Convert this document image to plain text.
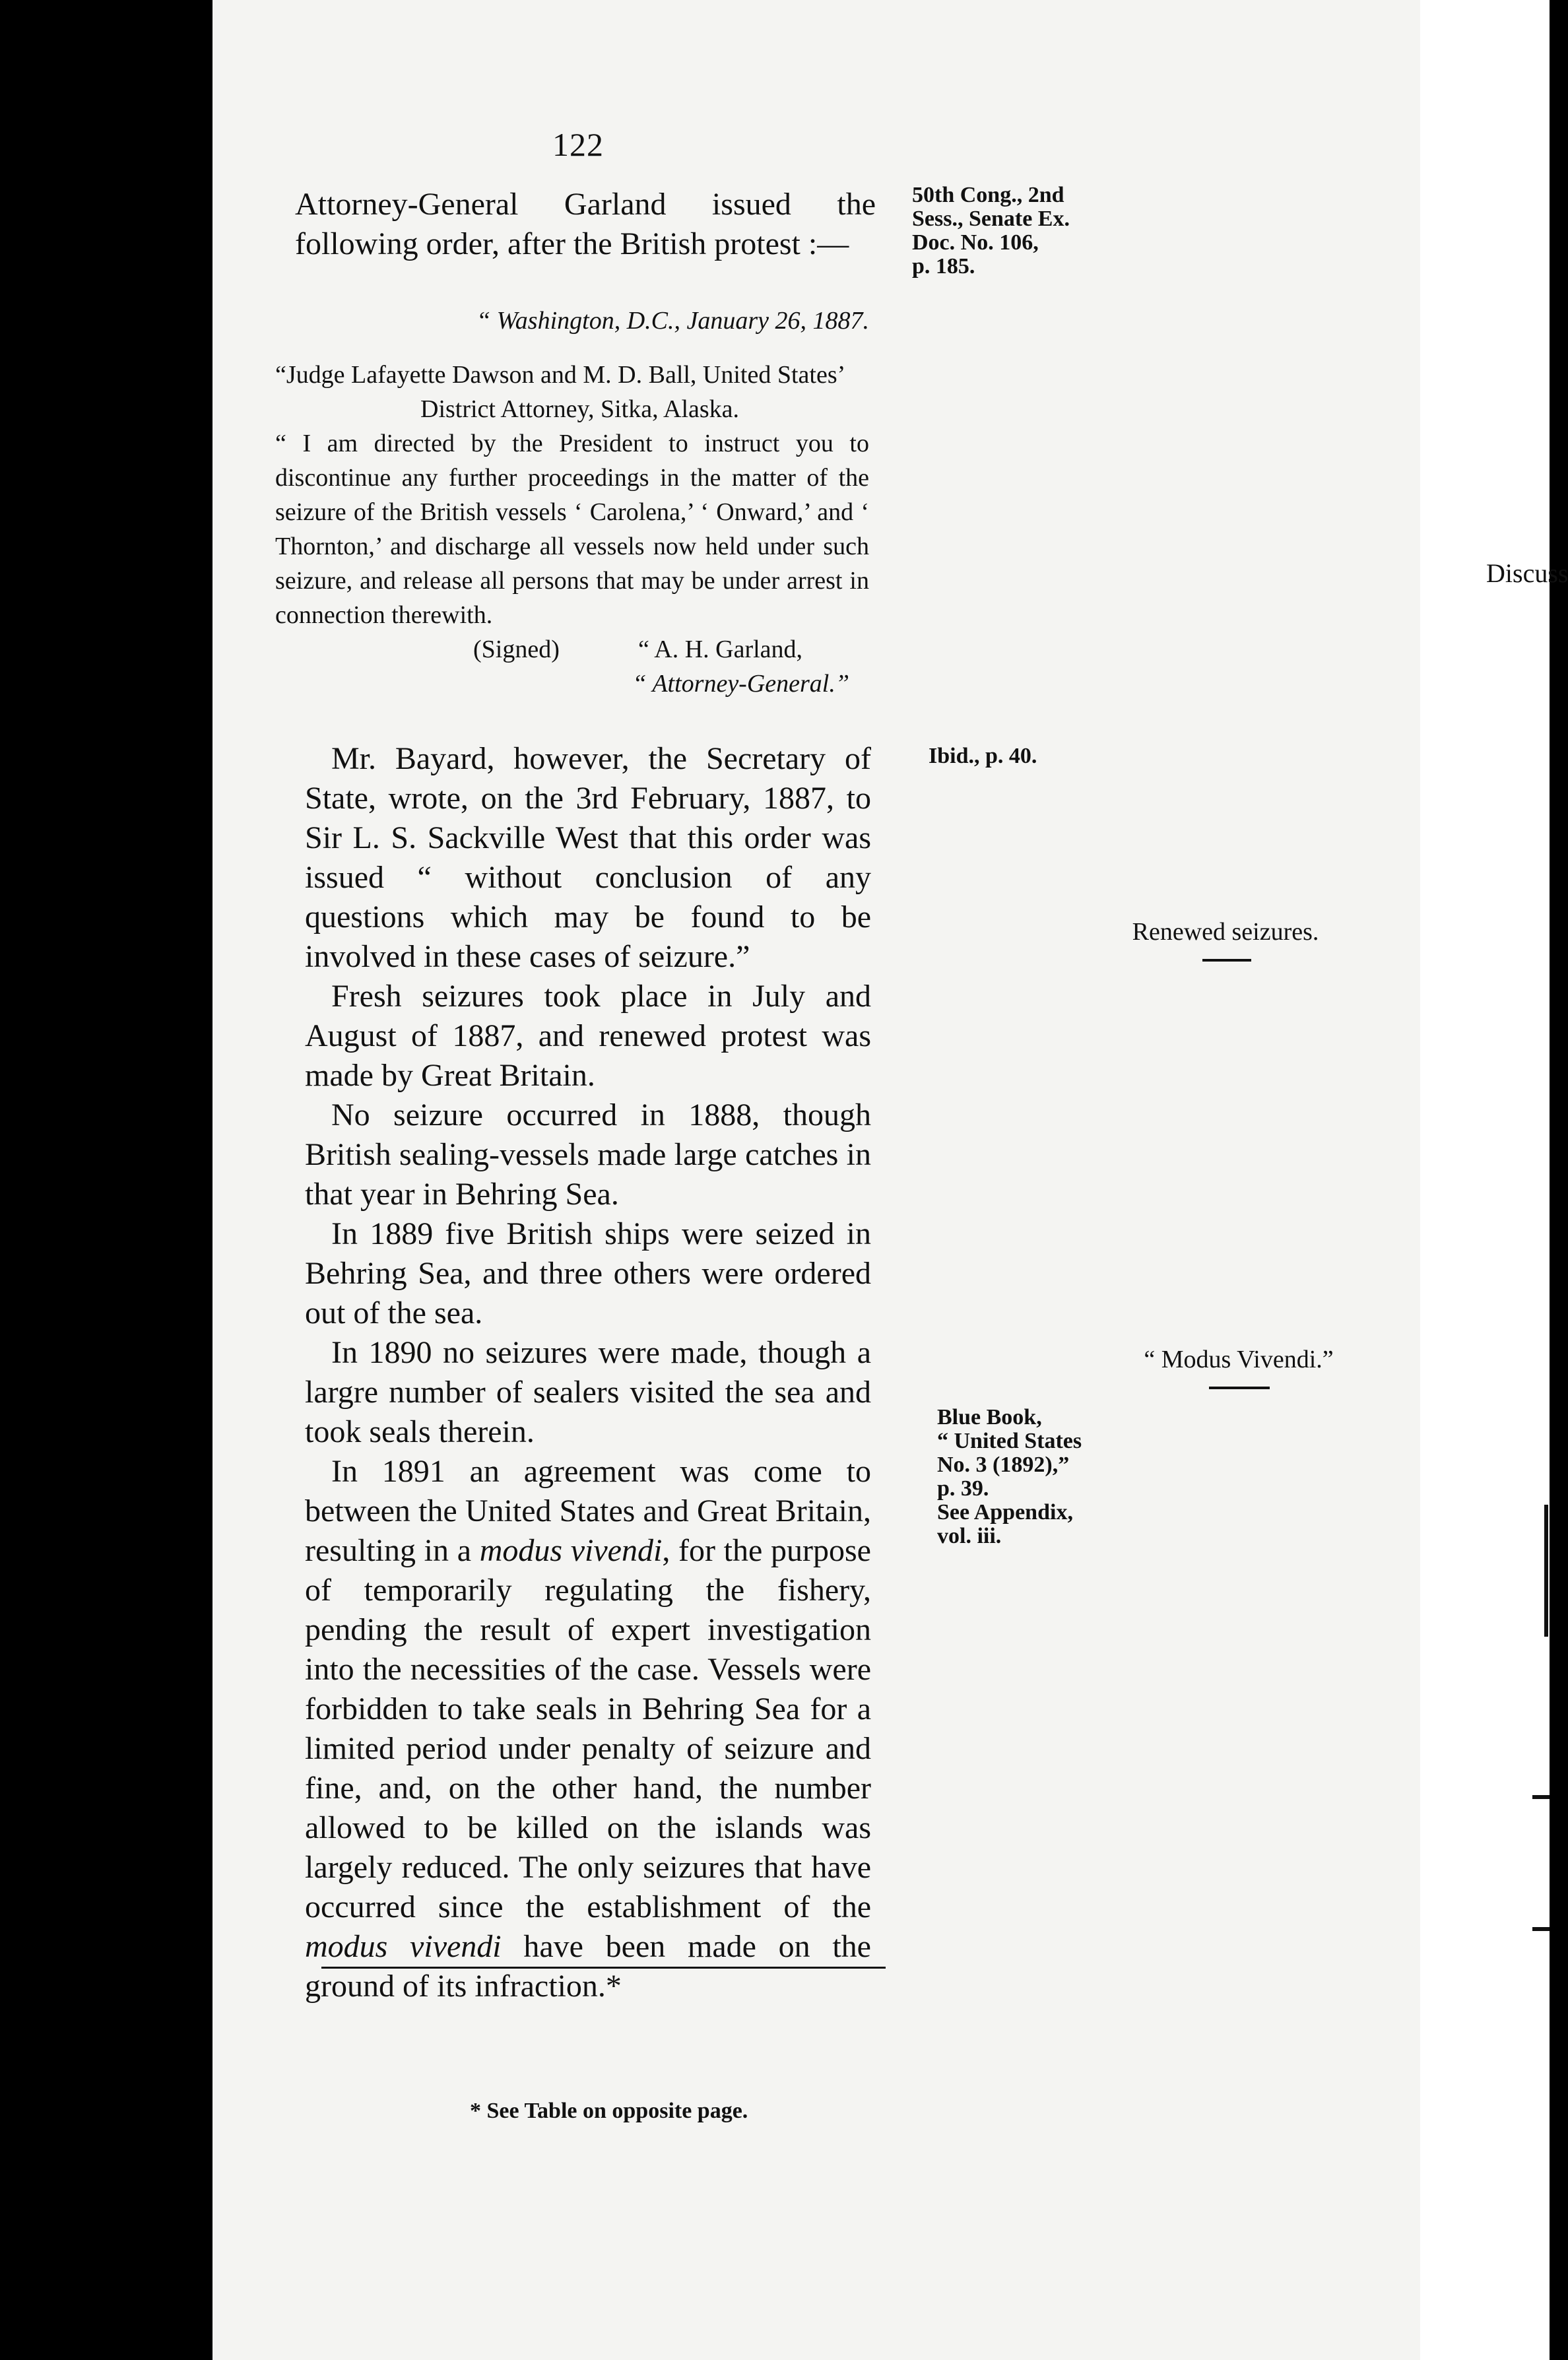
122

Attorney-General Garland issued the following order, after the British protest :—

50th Cong., 2nd
Sess., Senate Ex.
Doc. No. 106,
p. 185.
“ Washington, D.C., January 26, 1887.
“Judge Lafayette Dawson and M. D. Ball, United States’
District Attorney, Sitka, Alaska.

“ I am directed by the President to instruct you to discontinue any further proceedings in the matter of the seizure of the British vessels ‘ Carolena,’ ‘ Onward,’ and ‘ Thornton,’ and discharge all vessels now held under such seizure, and release all persons that may be under arrest in connection therewith.

(Signed)	“ A. H. Garland,
“ Attorney-General.”
Ibid., p. 40.

Mr. Bayard, however, the Secretary of State, wrote, on the 3rd February, 1887, to Sir L. S. Sackville West that this order was issued “ without conclusion of any questions which may be found to be involved in these cases of seizure.”

Fresh seizures took place in July and August of 1887, and renewed protest was made by Great Britain.

No seizure occurred in 1888, though British sealing-vessels made large catches in that year in Behring Sea.

In 1889 five British ships were seized in Behring Sea, and three others were ordered out of the sea.

In 1890 no seizures were made, though a largre number of sealers visited the sea and took seals therein.

In 1891 an agreement was come to between the United States and Great Britain, resulting in a modus vivendi, for the purpose of temporarily regulating the fishery, pending the result of expert investigation into the necessities of the case. Vessels were forbidden to take seals in Behring Sea for a limited period under penalty of seizure and fine, and, on the other hand, the number allowed to be killed on the islands was largely reduced. The only seizures that have occurred since the establishment of the modus vivendi have been made on the ground of its infraction.*

Renewed seizures.
“ Modus Vivendi.”
Blue Book,
“ United States
No. 3 (1892),”
p. 39.
See Appendix,
vol. iii.
* See Table on opposite page.
Discuss
